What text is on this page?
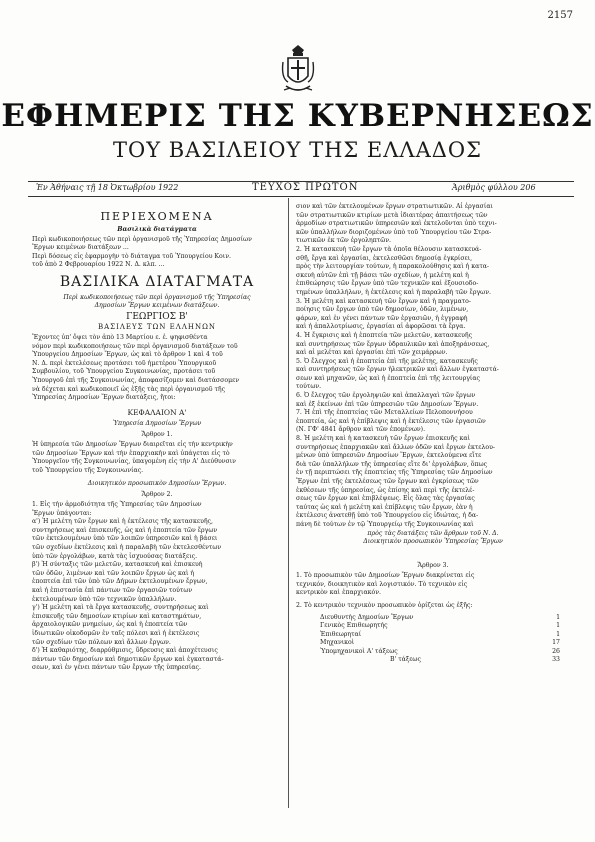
2157
ΕΦΗΜΕΡΙΣ ΤΗΣ ΚΥΒΕΡΝΗΣΕΩΣ
ΤΟΥ ΒΑΣΙΛΕΙΟΥ ΤΗΣ ΕΛΛΑΔΟΣ
Ἐν Ἀθήναις τῇ 18 Ὀκτωβρίου 1922	ΤΕΥΧΟΣ ΠΡΩΤΟΝ	Ἀριθμὸς φύλλου 206
ΠΕΡΙΕΧΟΜΕΝΑ
Βασιλικὰ διατάγματα
Περὶ κωδικοποιήσεως τῶν περὶ ὀργανισμοῦ τῆς Ὑπηρεσίας Δημοσίων
Ἔργων κειμένων διατάξεων ...
Περὶ δόσεως εἰς ἐφαρμογὴν τὸ διάταγμα τοῦ Ὑπουργείου Κοιν.
τοῦ ἀπὸ 2 Φεβρουαρίου 1922 Ν. Δ. κλπ. ...
ΒΑΣΙΛΙΚΑ ΔΙΑΤΑΓΜΑΤΑ
Περὶ κωδικοποιήσεως τῶν περὶ ὀργανισμοῦ τῆς Ὑπηρεσίας
Δημοσίων Ἔργων κειμένων διατάξεων.
ΓΕΩΡΓΙΟΣ Β'
ΒΑΣΙΛΕΥΣ ΤΩΝ ΕΛΛΗΝΩΝ
Ἔχοντες ὑπ' ὄψει τὸν ἀπὸ 13 Μαρτίου ε. ἐ. ψηφισθέντα
νόμον περὶ κωδικοποιήσεως τῶν περὶ ὀργανισμοῦ διατάξεων τοῦ
Ὑπουργείου Δημοσίων Ἔργων, ὡς καὶ τὸ ἄρθρον 1 καὶ 4 τοῦ
Ν. Δ. περὶ ἐκτελέσεως προτάσει τοῦ ἡμετέρου Ὑπουργικοῦ
Συμβουλίου, τοῦ Ὑπουργείου Συγκοινωνίας, προτάσει τοῦ
Ὑπουργοῦ ἐπὶ τῆς Συγκοινωνίας, ἀποφασίζομεν καὶ διατάσσομεν
νὰ δέχεται καὶ κωδικοποιεῖ ὡς ἑξῆς τὰς περὶ ὀργανισμοῦ τῆς
Ὑπηρεσίας Δημοσίων Ἔργων διατάξεις, ἤτοι:
ΚΕΦΑΛΑΙΟΝ Α'
Ὑπηρεσία Δημοσίων Ἔργων
Ἄρθρον 1.
Ἡ ὑπηρεσία τῶν Δημοσίων Ἔργων διαιρεῖται εἰς τὴν κεντρικὴν
τῶν Δημοσίων Ἔργων καὶ τὴν ἐπαρχιακὴν καὶ ὑπάγεται εἰς τὸ
Ὑπουργεῖον τῆς Συγκοινωνίας, ὑπαγομένη εἰς τὴν Α' Διεύθυνσιν
τοῦ Ὑπουργείου τῆς Συγκοινωνίας.
Διοικητικὸν προσωπικὸν Δημοσίων Ἔργων.
Ἄρθρον 2.
1. Εἰς τὴν ἁρμοδιότητα τῆς Ὑπηρεσίας τῶν Δημοσίων
Ἔργων ὑπάγονται:
α') Ἡ μελέτη τῶν ἔργων καὶ ἡ ἐκτέλεσις τῆς κατασκευῆς,
συντηρήσεως καὶ ἐπισκευῆς, ὡς καὶ ἡ ἐποπτεία τῶν ἔργων
τῶν ἐκτελουμένων ὑπὸ τῶν λοιπῶν ὑπηρεσιῶν καὶ ἡ βάσει
τῶν σχεδίων ἐκτέλεσις καὶ ἡ παραλαβὴ τῶν ἐκτελεσθέντων
ὑπὸ τῶν ἐργολάβων, κατὰ τὰς ἰσχυούσας διατάξεις.
β') Ἡ σύνταξις τῶν μελετῶν, κατασκευὴ καὶ ἐπισκευὴ
τῶν ὁδῶν, λιμένων καὶ τῶν λοιπῶν ἔργων ὡς καὶ ἡ
ἐποπτεία ἐπὶ τῶν ὑπὸ τῶν Δήμων ἐκτελουμένων ἔργων,
καὶ ἡ ἐπιστασία ἐπὶ πάντων τῶν ἐργασιῶν τούτων
ἐκτελουμένων ὑπὸ τῶν τεχνικῶν ὑπαλλήλων.
γ') Ἡ μελέτη καὶ τὰ ἔργα κατασκευῆς, συντηρήσεως καὶ
ἐπισκευῆς τῶν δημοσίων κτιρίων καὶ καταστημάτων,
ἀρχαιολογικῶν μνημείων, ὡς καὶ ἡ ἐποπτεία τῶν
ἰδιωτικῶν οἰκοδομῶν ἐν ταῖς πόλεσι καὶ ἡ ἐκτέλεσις
τῶν σχεδίων τῶν πόλεων καὶ ἄλλων ἔργων.
δ') Ἡ καθαριότης, διαρρύθμισις, ὕδρευσις καὶ ἀποχέτευσις
πάντων τῶν δημοσίων καὶ δημοτικῶν ἔργων καὶ ἐγκαταστά-
σεων, καὶ ἐν γένει πάντων τῶν ἔργων τῆς ὑπηρεσίας.
σιον καὶ τῶν ἐκτελουμένων ἔργων στρατιωτικῶν. Αἱ ἐργασίαι
τῶν στρατιωτικῶν κτιρίων μετὰ ἰδιαιτέρας ἀπαιτήσεως τῶν
ἁρμοδίων στρατιωτικῶν ὑπηρεσιῶν καὶ ἐκτελοῦνται ὑπὸ τεχνι-
κῶν ὑπαλλήλων διοριζομένων ὑπὸ τοῦ Ὑπουργείου τῶν Στρα-
τιωτικῶν ἐκ τῶν ἐργοληπτῶν.
2. Ἡ κατασκευὴ τῶν ἔργων τὰ ὁποῖα θέλουσιν κατασκευά-
σθῆ, ἔργα καὶ ἐργασίαι, ἐκτελεσθῶσι δημοσίᾳ ἐγκρίσει,
πρὸς τὴν λειτουργίαν τούτων, ἡ παρακολούθησις καὶ ἡ κατα-
σκευὴ αὐτῶν ἐπὶ τῇ βάσει τῶν σχεδίων, ἡ μελέτη καὶ ἡ
ἐπιθεώρησις τῶν ἔργων ὑπὸ τῶν τεχνικῶν καὶ ἐξουσιοδο-
τημένων ὑπαλλήλων, ἡ ἐκτέλεσις καὶ ἡ παραλαβὴ τῶν ἔργων.
3. Ἡ μελέτη καὶ κατασκευὴ τῶν ἔργων καὶ ἡ πραγματο-
ποίησις τῶν ἔργων ὑπὸ τῶν δημοσίων, ὁδῶν, λιμένων,
φάρων, καὶ ἐν γένει πάντων τῶν ἐργασιῶν, ἡ ἐγγραφὴ
καὶ ἡ ἀπαλλοτρίωσις, ἐργασίαι αἱ ἀφορῶσαι τὰ ἔργα.
4. Ἡ ἔγκρισις καὶ ἡ ἐποπτεία τῶν μελετῶν, κατασκευῆς
καὶ συντηρήσεως τῶν ἔργων ὑδραυλικῶν καὶ ἀποξηράνσεως,
καὶ αἱ μελέται καὶ ἐργασίαι ἐπὶ τῶν χειμάρρων.
5. Ὁ ἔλεγχος καὶ ἡ ἐποπτεία ἐπὶ τῆς μελέτης, κατασκευῆς
καὶ συντηρήσεως τῶν ἔργων ἠλεκτρικῶν καὶ ἄλλων ἐγκαταστά-
σεων καὶ μηχανῶν, ὡς καὶ ἡ ἐποπτεία ἐπὶ τῆς λειτουργίας
τούτων.
6. Ὁ ἔλεγχος τῶν ἐργοληψιῶν καὶ ἀπαλλαγαὶ τῶν ἔργων
καὶ ἐξ ἐκείνων ἐπὶ τῶν ὑπηρεσιῶν τῶν Δημοσίων Ἔργων.
7. Ἡ ἐπὶ τῆς ἐποπτείας τῶν Μεταλλείων Πελοποννήσου
ἐποπτεία, ὡς καὶ ἡ ἐπίβλεψις καὶ ἡ ἐκτέλεσις τῶν ἐργασιῶν
(Ν. ΓΦ' 4841 ἄρθρον καὶ τῶν ἐπομένων).
8. Ἡ μελέτη καὶ ἡ κατασκευὴ τῶν ἔργων ἐπισκευῆς καὶ
συντηρήσεως ἐπαρχιακῶν καὶ ἄλλων ὁδῶν καὶ ἔργων ἐκτελου-
μένων ὑπὸ ὑπηρεσιῶν Δημοσίων Ἔργων, ἐκτελούμενα εἴτε
διὰ τῶν ὑπαλλήλων τῆς ὑπηρεσίας εἴτε δι' ἐργολάβων, ὅπως
ἐν τῇ περιπτώσει τῆς ἐποπτείας τῆς Ὑπηρεσίας τῶν Δημοσίων
Ἔργων ἐπὶ τῆς ἐκτελέσεως τῶν ἔργων καὶ ἐγκρίσεως τῶν
ἐκθέσεων τῆς ὑπηρεσίας, ὡς ἐπίσης καὶ περὶ τῆς ἐκτελέ-
σεως τῶν ἔργων καὶ ἐπιβλέψεως. Εἰς ὅλας τὰς ἐργασίας
ταύτας ὡς καὶ ἡ μελέτη καὶ ἐπίβλεψις τῶν ἔργων, ἐὰν ἡ
ἐκτέλεσις ἀνατεθῇ ὑπὸ τοῦ Ὑπουργείου εἰς ἰδιώτας, ἡ δα-
πάνη δὲ τούτων ἐν τῷ Ὑπουργείῳ τῆς Συγκοινωνίας καὶ
πρὸς τὰς διατάξεις τῶν ἄρθρων τοῦ Ν. Δ.
Διοικητικὸν προσωπικὸν Ὑπηρεσίας Ἔργων
Ἄρθρον 3.
1. Τὸ προσωπικὸν τῶν Δημοσίων Ἔργων διακρίνεται εἰς
τεχνικόν, διοικητικὸν καὶ λογιστικόν. Τὸ τεχνικὸν εἰς
κεντρικὸν καὶ ἐπαρχιακόν.
2. Τὸ κεντρικὸν τεχνικὸν προσωπικὸν ὁρίζεται ὡς ἑξῆς:
Διευθυντὴς Δημοσίων Ἔργων	1
Γενικὸς Επιθεωρητής	1
Ἐπιθεωρηταί	1
Μηχανικοὶ	17
Ὑπομηχανικοὶ Α' τάξεως	26
Β' τάξεως	33
